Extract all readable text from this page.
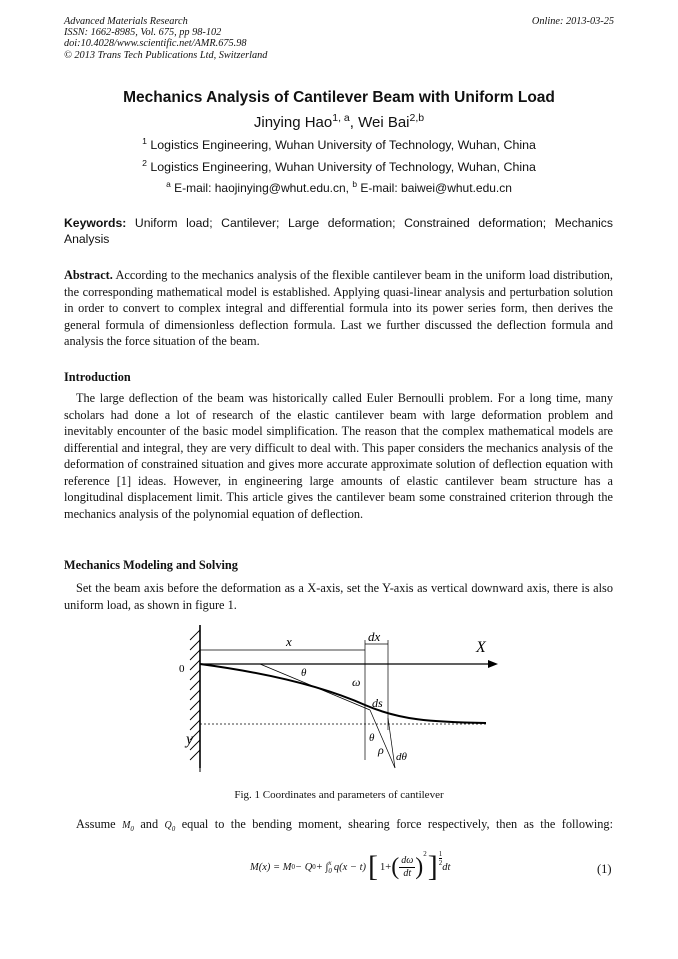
Advanced Materials Research
ISSN: 1662-8985, Vol. 675, pp 98-102
doi:10.4028/www.scientific.net/AMR.675.98
© 2013 Trans Tech Publications Ltd, Switzerland
Online: 2013-03-25
Mechanics Analysis of Cantilever Beam with Uniform Load
Jinying Hao$^{1, a}$, Wei Bai$^{2,b}$
$^1$ Logistics Engineering, Wuhan University of Technology, Wuhan, China
$^2$ Logistics Engineering, Wuhan University of Technology, Wuhan, China
$^a$ E-mail: haojinying@whut.edu.cn, $^b$ E-mail: baiwei@whut.edu.cn
Keywords: Uniform load; Cantilever; Large deformation; Constrained deformation; Mechanics Analysis
Abstract. According to the mechanics analysis of the flexible cantilever beam in the uniform load distribution, the corresponding mathematical model is established. Applying quasi-linear analysis and perturbation solution in order to convert to complex integral and differential formula into its power series form, then derives the general formula of dimensionless deflection formula. Last we further discussed the deflection formula and analysis the force situation of the beam.
Introduction
The large deflection of the beam was historically called Euler Bernoulli problem. For a long time, many scholars had done a lot of research of the elastic cantilever beam with large deformation problem and inevitably encounter of the basic model simplification. The reason that the complex mathematical models are differential and integral, they are very difficult to deal with. This paper considers the mechanics analysis of the deformation of constrained situation and gives more accurate approximate solution of deflection equation with reference [1] ideas. However, in engineering large amounts of elastic cantilever beam structure has a longitudinal displacement limit. This article gives the cantilever beam some constrained criterion through the mechanics analysis of the polynomial equation of deflection.
Mechanics Modeling and Solving
Set the beam axis before the deformation as a X-axis, set the Y-axis as vertical downward axis, there is also uniform load, as shown in figure 1.
x	dx
X
0	θ
ω
ds
y	θ
ρ dθ
Fig. 1 Coordinates and parameters of cantilever
Assume $M_0$ and $Q_0$ equal to the bending moment, shearing force respectively, then as the following:
M(x) = M 0 − Q 0 + ∫ x
0 q(x − t) [ 1+ ( $\frac{d\omega}{dt}$ ) 2 ] $\frac{1}{2}$ dt	(1)
